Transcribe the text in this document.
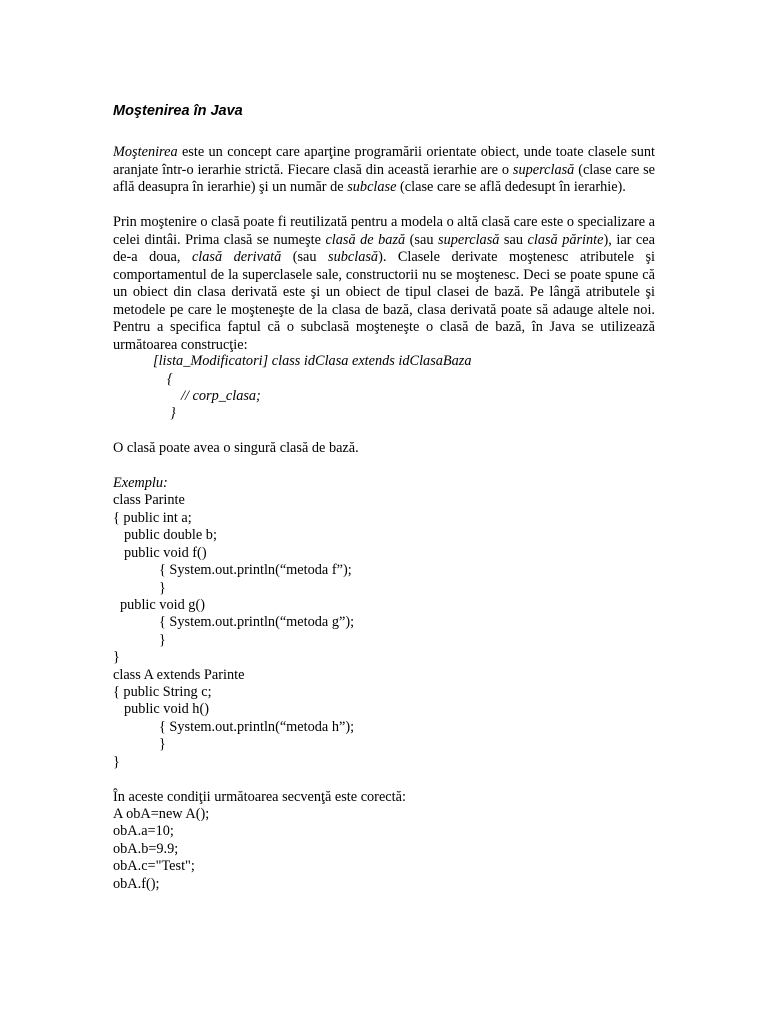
Moştenirea în Java

Moştenirea este un concept care aparţine programării orientate obiect, unde toate clasele sunt aranjate într-o ierarhie strictă. Fiecare clasă din această ierarhie are o superclasă (clase care se află deasupra în ierarhie) şi un număr de subclase (clase care se află dedesupt în ierarhie).

Prin moştenire o clasă poate fi reutilizată pentru a modela o altă clasă care este o specializare a celei dintâi. Prima clasă se numeşte clasă de bază (sau superclasă sau clasă părinte), iar cea de-a doua, clasă derivată (sau subclasă). Clasele derivate moştenesc atributele şi comportamentul de la superclasele sale, constructorii nu se moştenesc. Deci se poate spune că un obiect din clasa derivată este şi un obiect de tipul clasei de bază. Pe lângă atributele şi metodele pe care le moşteneşte de la clasa de bază, clasa derivată poate să adauge altele noi. Pentru a specifica faptul că o subclasă moşteneşte o clasă de bază, în Java se utilizează următoarea construcţie:

[lista_Modificatori] class idClasa extends idClasaBaza
{
// corp_clasa;
}
O clasă poate avea o singură clasă de bază.
Exemplu:
class Parinte
{ public int a;
public double b;
public void f()
{ System.out.println(“metoda f”);
}
public void g()
{ System.out.println(“metoda g”);
}
}
class A extends Parinte
{ public String c;
public void h()
{ System.out.println(“metoda h”);
}
}
În aceste condiţii următoarea secvenţă este corectă:
A obA=new A();
obA.a=10;
obA.b=9.9;
obA.c="Test";
obA.f();
